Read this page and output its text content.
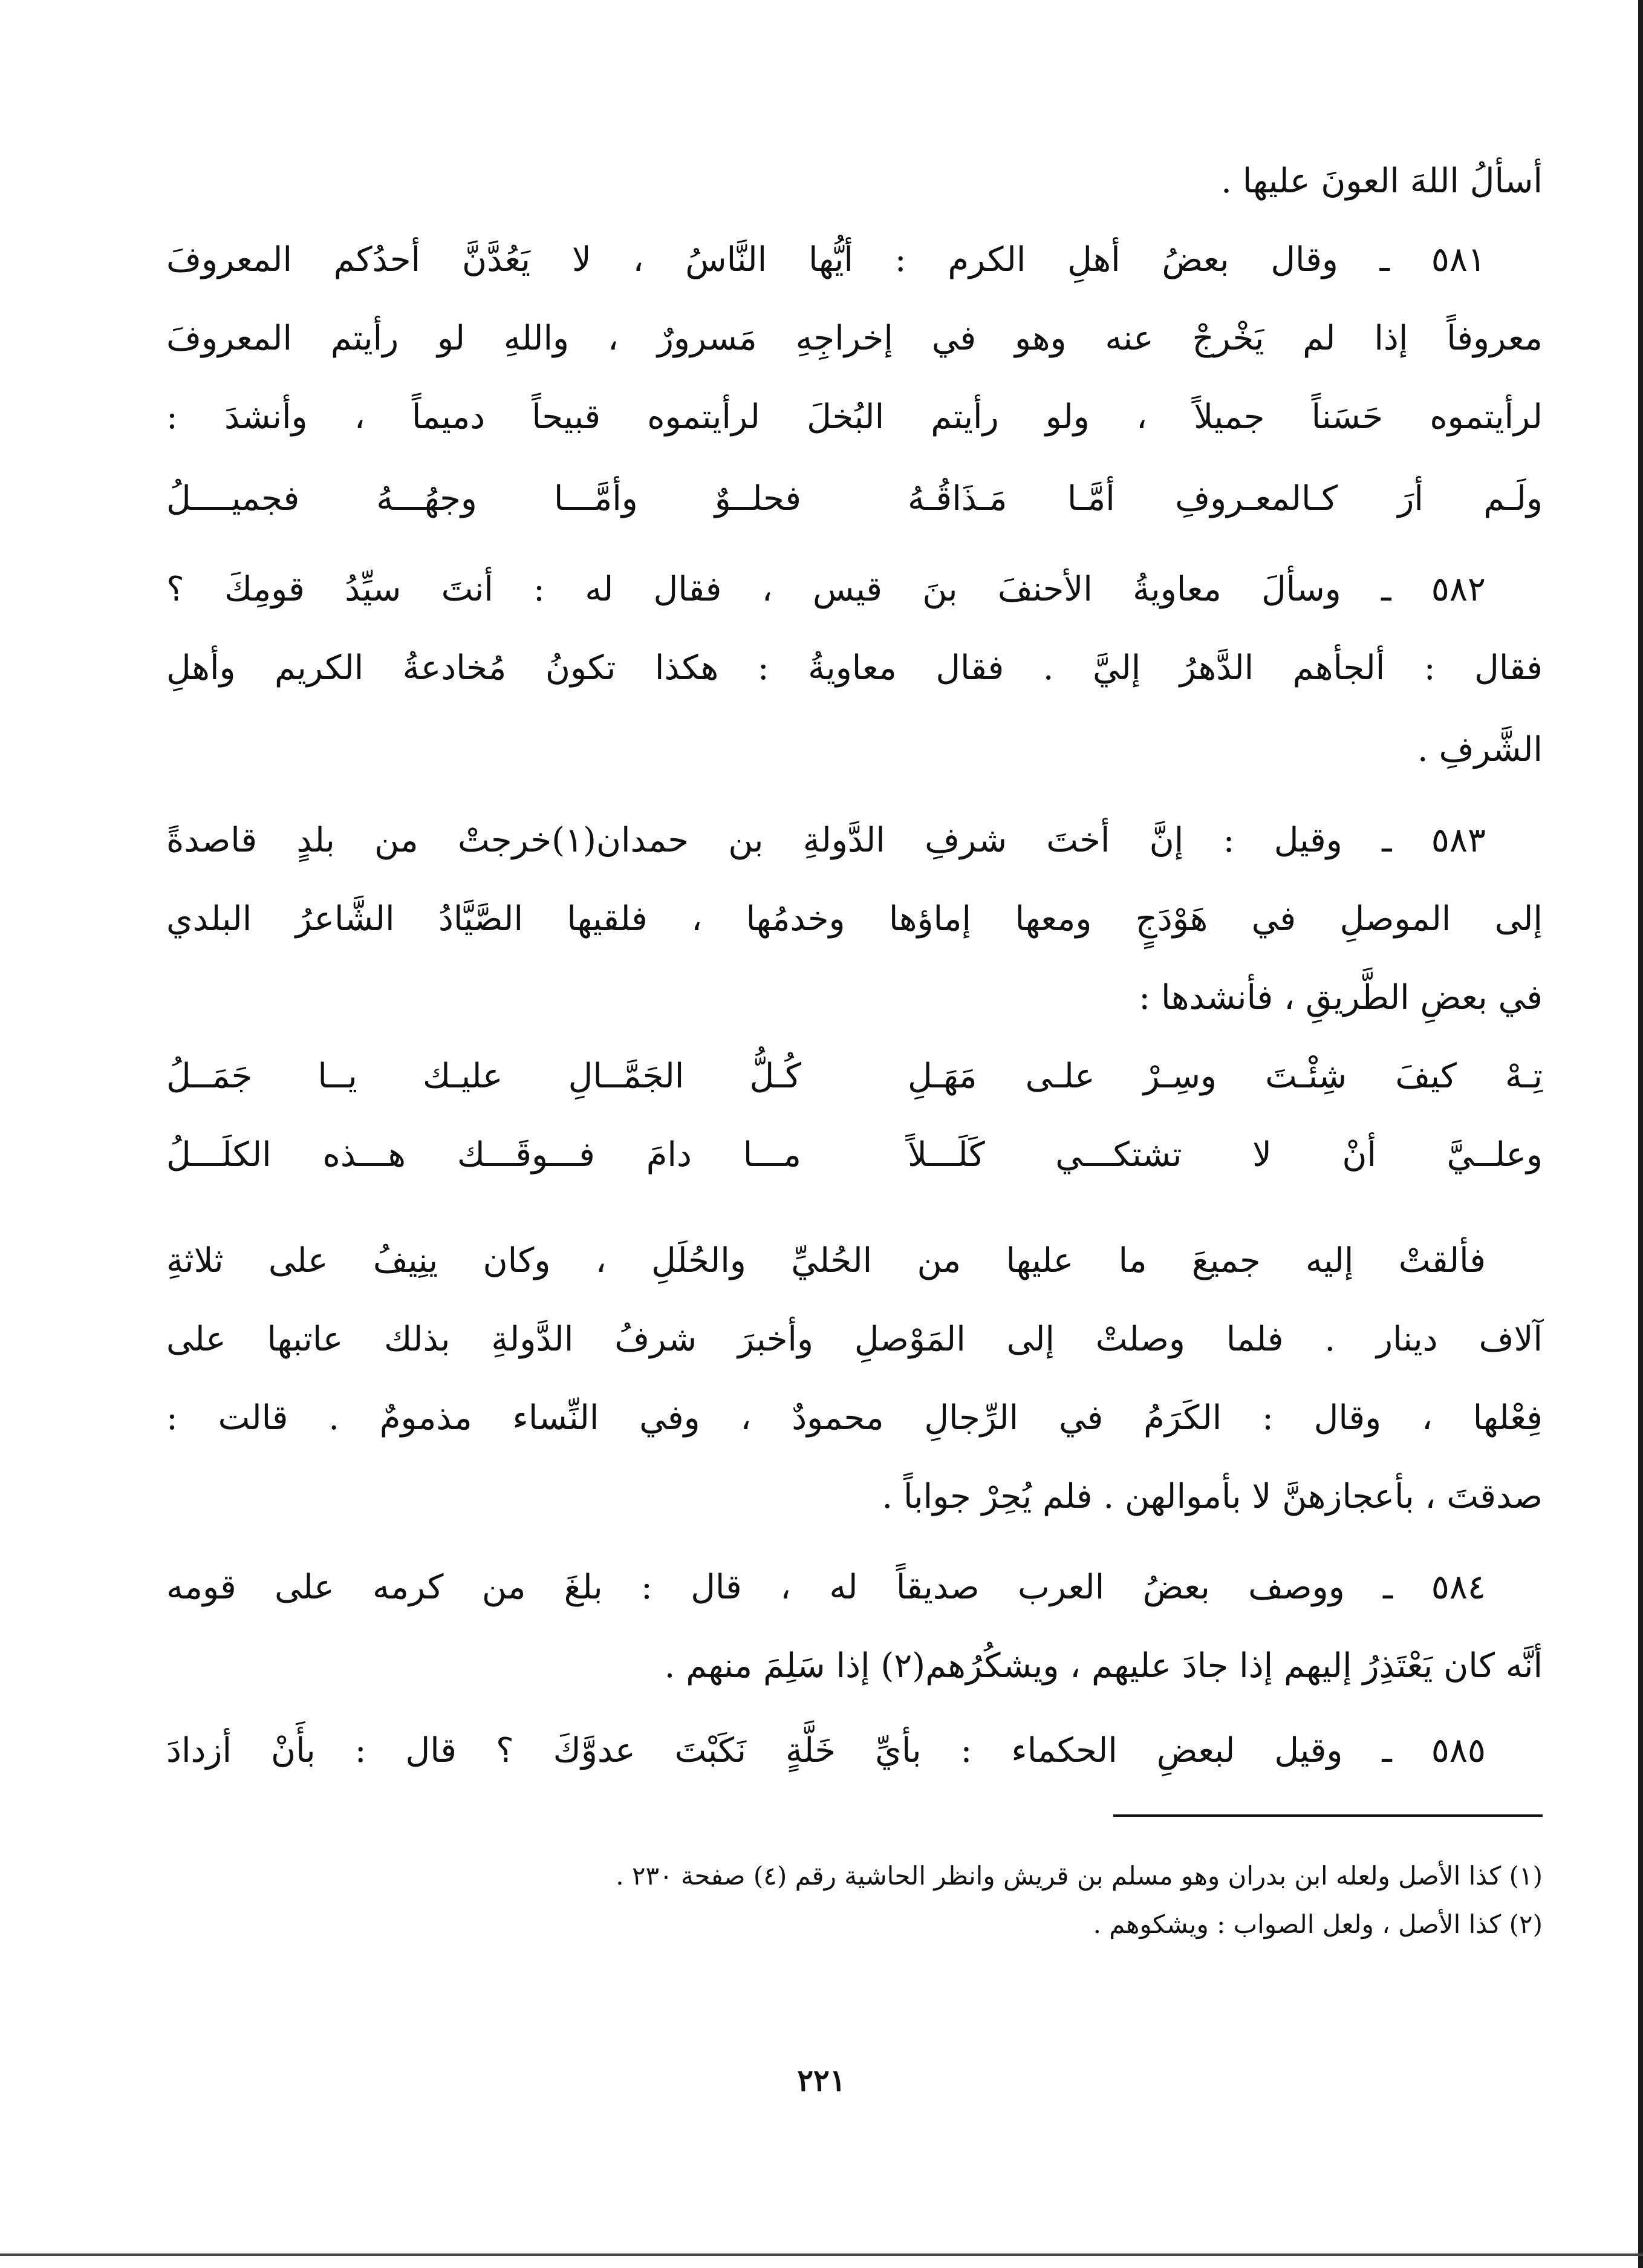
أسألُ اللهَ العونَ عليها .
٥٨١ ـ وقال بعضُ أهلِ الكرم : أيُّها النَّاسُ ، لا يَعُدَّنَّ أحدُكم المعروفَ
معروفاً إذا لم يَخْرجْ عنه وهو في إخراجِهِ مَسرورٌ ، واللهِ لو رأيتم المعروفَ
لرأيتموه حَسَناً جميلاً ، ولو رأيتم البُخلَ لرأيتموه قبيحاً دميماً ، وأنشدَ :
ولَـم أرَ كـالمعـروفِ أمَّـا مَـذَاقُـهُ
فحلــوٌ وأمَّـــا وجهُـــهُ فجميــــلُ
٥٨٢ ـ وسألَ معاويةُ الأحنفَ بنَ قيس ، فقال له : أنتَ سيِّدُ قومِكَ ؟
فقال : ألجأهم الدَّهرُ إليَّ . فقال معاويةُ : هكذا تكونُ مُخادعةُ الكريم وأهلِ
الشَّرفِ .
٥٨٣ ـ وقيل : إنَّ أختَ شرفِ الدَّولةِ بن حمدان(١)خرجتْ من بلدٍ قاصدةً
إلى الموصلِ في هَوْدَجٍ ومعها إماؤها وخدمُها ، فلقيها الصَّيَّادُ الشَّاعرُ البلدي
في بعضِ الطَّريقِ ، فأنشدها :
تِـهْ كيفَ شِئْـتَ وسِـرْ علـى مَهَـلِ
كُـلُّ الجَمَّــالِ عليـك يــا جَمَــلُ
وعلــيَّ أنْ لا تشتكـــي كَلَـــلاً
مـــا دامَ فـــوقَـــك هـــذه الكلَـــلُ
فألقتْ إليه جميعَ ما عليها من الحُليِّ والحُلَلِ ، وكان ينِيفُ على ثلاثةِ
آلاف دينار . فلما وصلتْ إلى المَوْصلِ وأخبرَ شرفُ الدَّولةِ بذلك عاتبها على
فِعْلها ، وقال : الكَرَمُ في الرِّجالِ محمودٌ ، وفي النِّساء مذمومٌ . قالت :
صدقتَ ، بأعجازهنَّ لا بأموالهن . فلم يُحِرْ جواباً .
٥٨٤ ـ ووصف بعضُ العرب صديقاً له ، قال : بلغَ من كرمه على قومه
أنَّه كان يَعْتَذِرُ إليهم إذا جادَ عليهم ، ويشكُرُهم(٢) إذا سَلِمَ منهم .
٥٨٥ ـ وقيل لبعضِ الحكماء : بأيِّ خَلَّةٍ نَكَبْتَ عدوَّكَ ؟ قال : بأَنْ أزدادَ
(١) كذا الأصل ولعله ابن بدران وهو مسلم بن قريش وانظر الحاشية رقم (٤) صفحة ٢٣٠ .
(٢) كذا الأصل ، ولعل الصواب : ويشكوهم .
٢٢١
